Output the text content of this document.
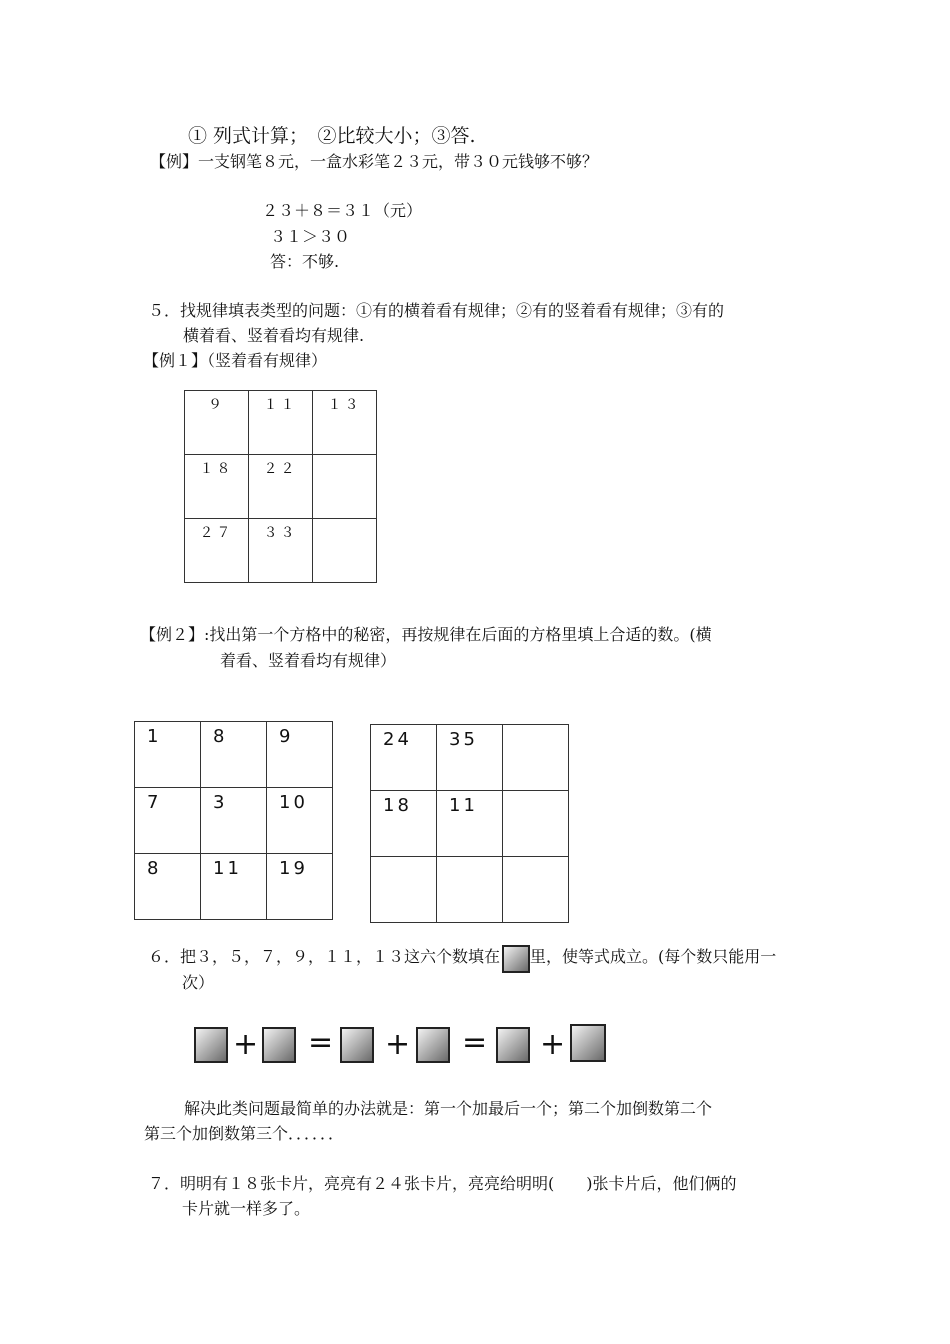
① 列式计算；　②比较大小；③答.
【例】一支钢笔８元，一盒水彩笔２３元，带３０元钱够不够？
２３＋８＝３１（元）
３１＞３０
答：不够.
５．找规律填表类型的问题：①有的横着看有规律；②有的竖着看有规律；③有的
横着看、竖着看均有规律.
【例１】（竖着看有规律）
９	１１	１３
１８	２２	
２７	３３	
【例２】:找出第一个方格中的秘密，再按规律在后面的方格里填上合适的数。(横
着看、竖着看均有规律）
1	8	9
7	3	10
8	11	19
24	35	
18	11	

６．把３，５，７，９，１１，１３这六个数填在 里，使等式成立。(每个数只能用一
次）
+ = + = +
解决此类问题最简单的办法就是：第一个加最后一个；第二个加倒数第二个
第三个加倒数第三个．．．．．．
７．明明有１８张卡片，亮亮有２４张卡片，亮亮给明明(　　)张卡片后，他们俩的
卡片就一样多了。
